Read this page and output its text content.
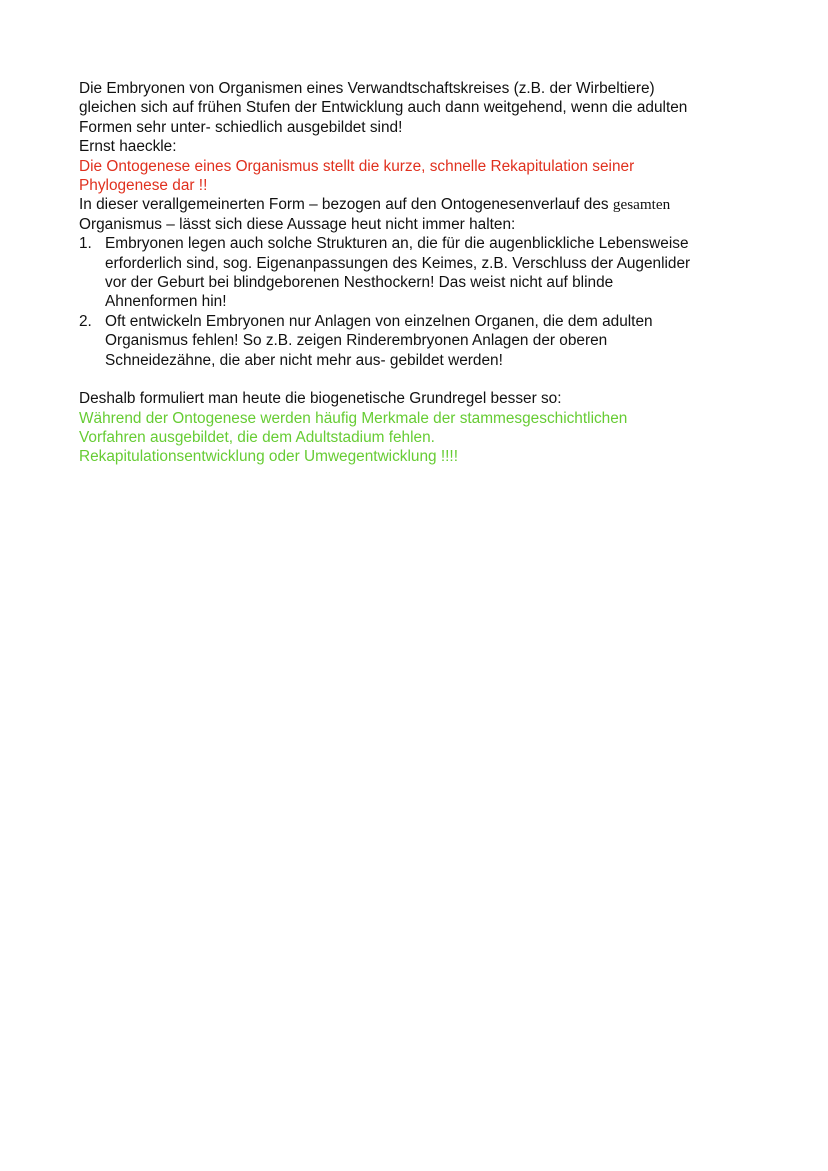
Die Embryonen von Organismen eines Verwandtschaftskreises (z.B. der Wirbeltiere)
gleichen sich auf frühen Stufen der Entwicklung auch dann weitgehend, wenn die adulten
Formen sehr unter- schiedlich ausgebildet sind!
Ernst haeckle:
Die Ontogenese eines Organismus stellt die kurze, schnelle Rekapitulation seiner
Phylogenese dar !!
In dieser verallgemeinerten Form – bezogen auf den Ontogenesenverlauf des gesamten
Organismus – lässt sich diese Aussage heut nicht immer halten:
1. Embryonen legen auch solche Strukturen an, die für die augenblickliche Lebensweise
erforderlich sind, sog. Eigenanpassungen des Keimes, z.B. Verschluss der Augenlider
vor der Geburt bei blindgeborenen Nesthockern! Das weist nicht auf blinde
Ahnenformen hin!
2. Oft entwickeln Embryonen nur Anlagen von einzelnen Organen, die dem adulten
Organismus fehlen! So z.B. zeigen Rinderembryonen Anlagen der oberen
Schneidezähne, die aber nicht mehr aus- gebildet werden!
Deshalb formuliert man heute die biogenetische Grundregel besser so:
Während der Ontogenese werden häufig Merkmale der stammesgeschichtlichen
Vorfahren ausgebildet, die dem Adultstadium fehlen.
Rekapitulationsentwicklung oder Umwegentwicklung !!!!
